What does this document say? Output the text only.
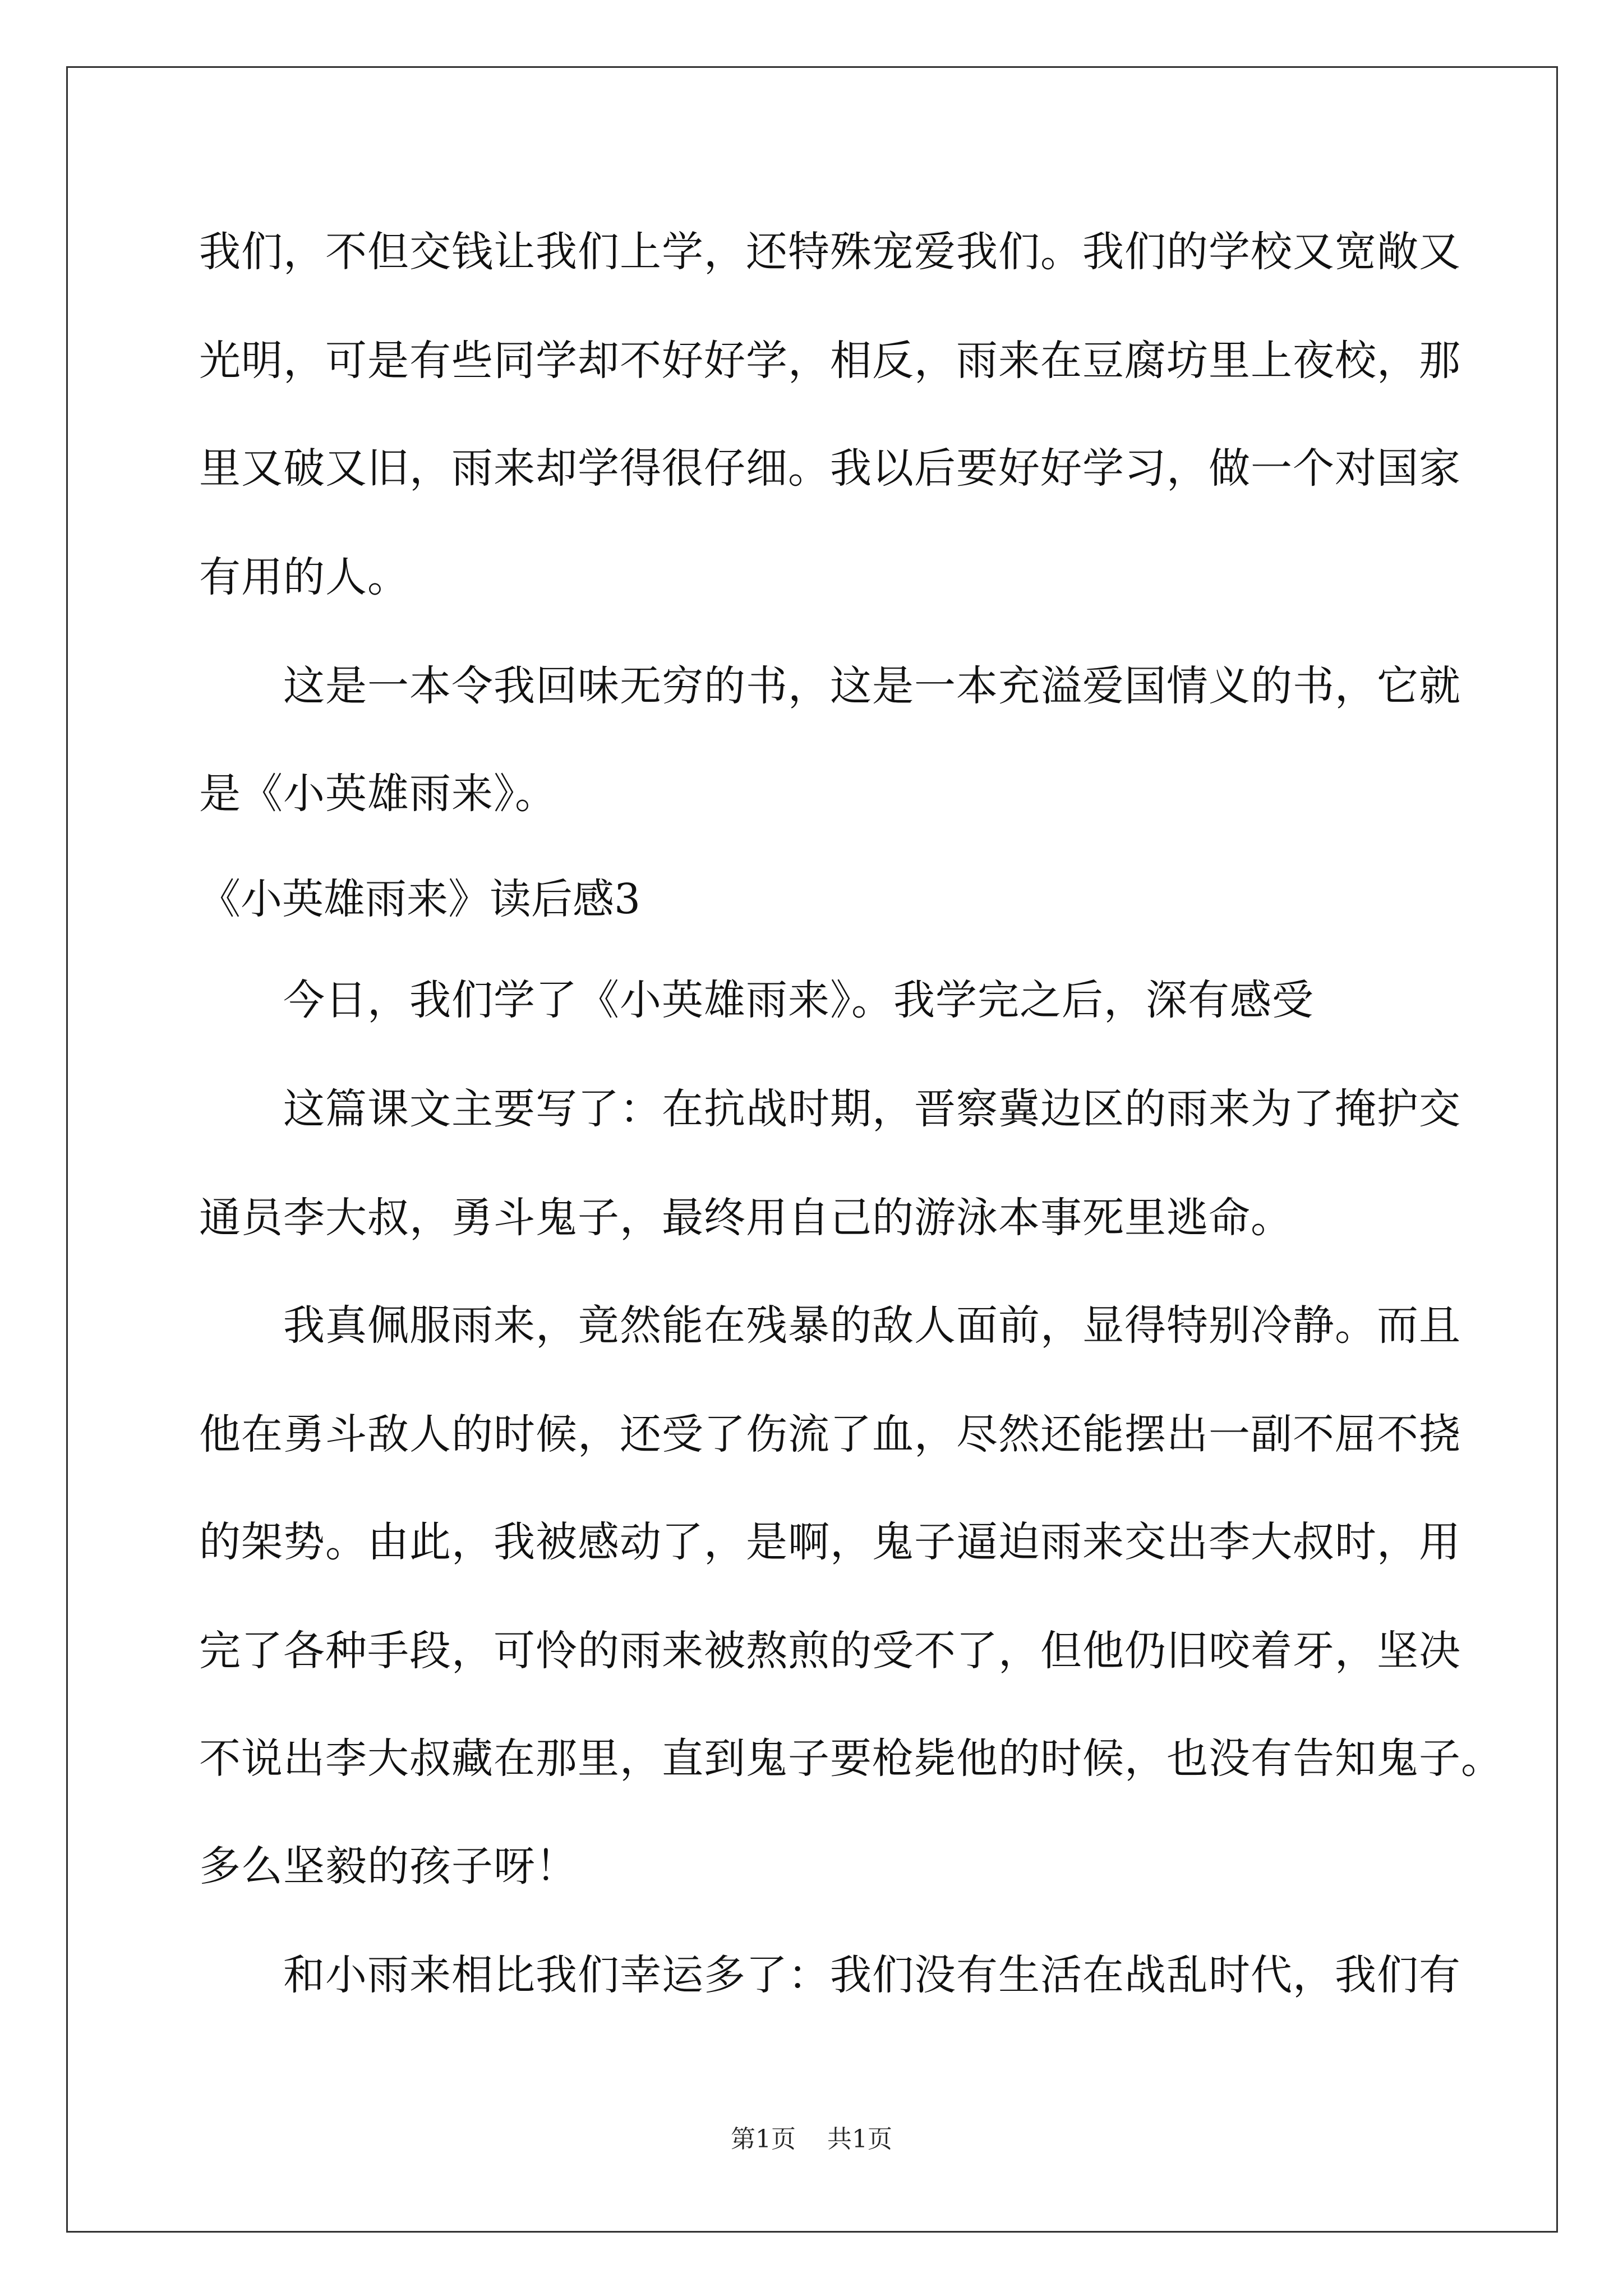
我们，不但交钱让我们上学，还特殊宠爱我们。我们的学校又宽敞又
光明，可是有些同学却不好好学，相反，雨来在豆腐坊里上夜校，那
里又破又旧，雨来却学得很仔细。我以后要好好学习，做一个对国家
有用的人。
这是一本令我回味无穷的书，这是一本充溢爱国情义的书，它就
是《小英雄雨来》。
《小英雄雨来》读后感3
今日，我们学了《小英雄雨来》。我学完之后，深有感受
这篇课文主要写了：在抗战时期，晋察冀边区的雨来为了掩护交
通员李大叔，勇斗鬼子，最终用自己的游泳本事死里逃命。
我真佩服雨来，竟然能在残暴的敌人面前，显得特别冷静。而且
他在勇斗敌人的时候，还受了伤流了血，尽然还能摆出一副不屈不挠
的架势。由此，我被感动了，是啊，鬼子逼迫雨来交出李大叔时，用
完了各种手段，可怜的雨来被熬煎的受不了，但他仍旧咬着牙，坚决
不说出李大叔藏在那里，直到鬼子要枪毙他的时候，也没有告知鬼子。
多么坚毅的孩子呀！
和小雨来相比我们幸运多了：我们没有生活在战乱时代，我们有
第1页 共1页
